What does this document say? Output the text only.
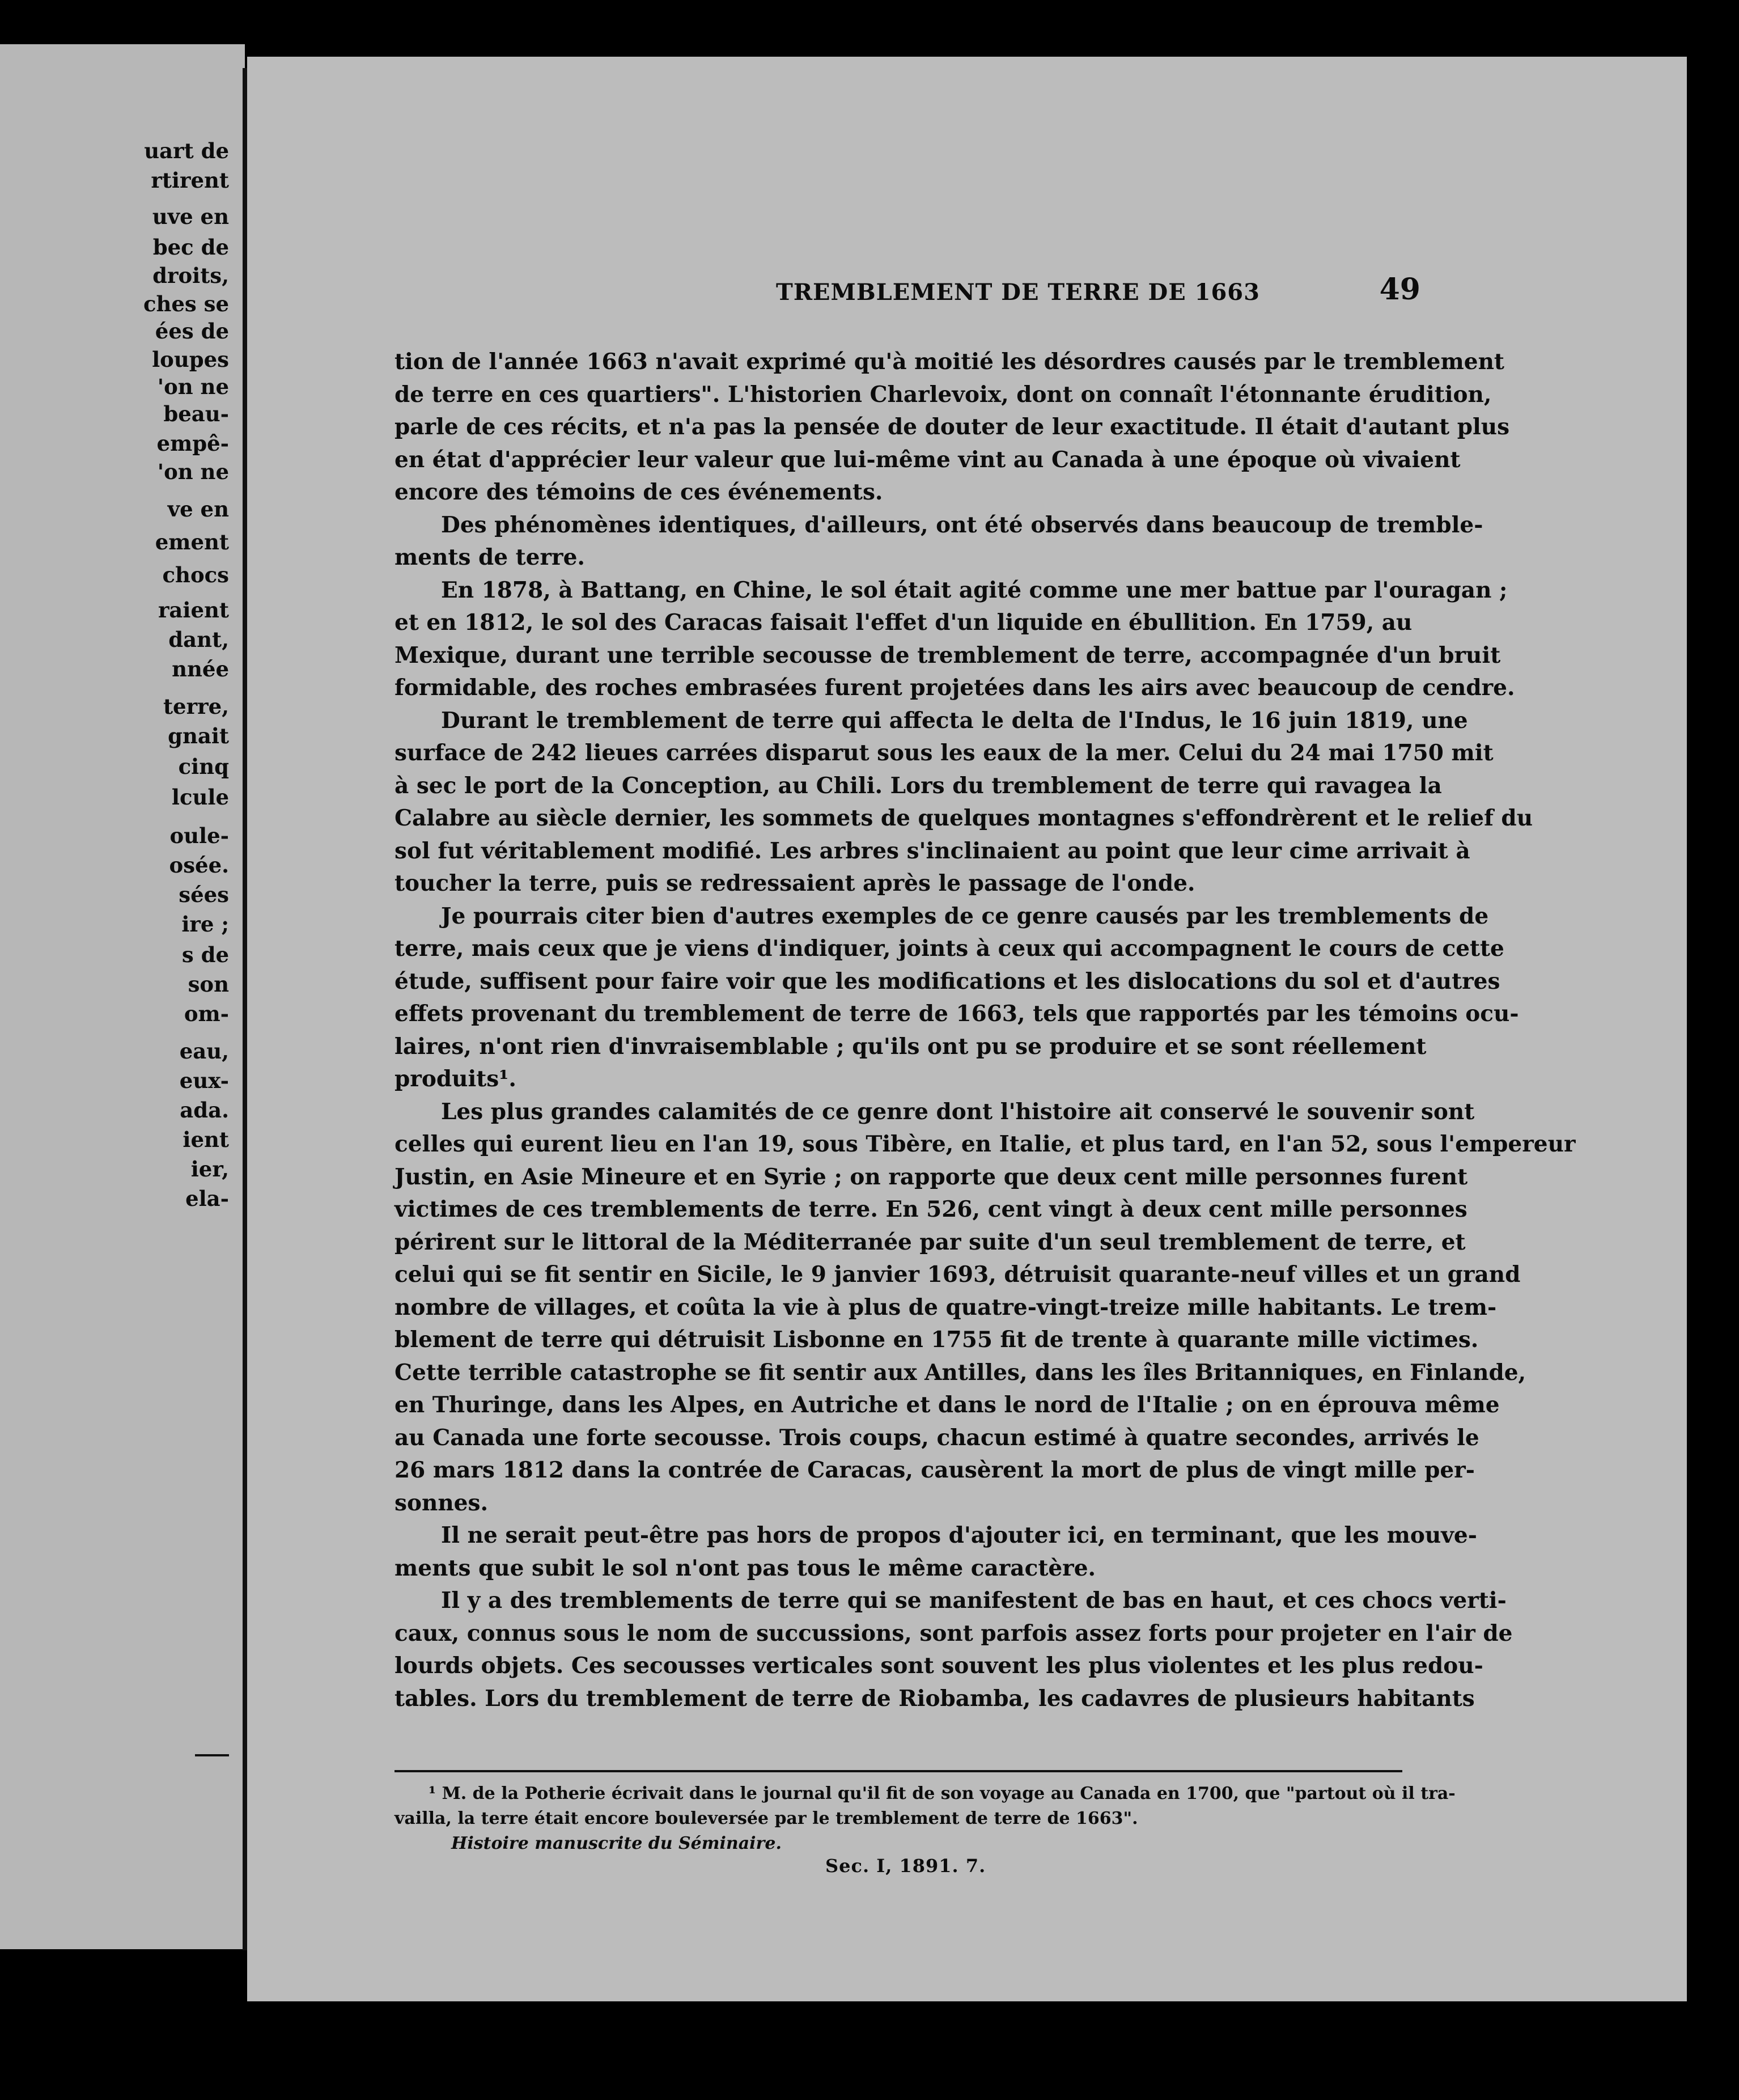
uart de
rtirent
uve en
bec de
droits,
ches se
ées de
loupes
'on ne
beau-
empê-
'on ne
ve en
ement
chocs
raient
dant,
nnée
terre,
gnait
cinq
lcule
oule-
osée.
sées
ire ;
s de
son
om-
eau,
eux-
ada.
ient
ier,
ela-
TREMBLEMENT DE TERRE DE 1663	49
tion de l'année 1663 n'avait exprimé qu'à moitié les désordres causés par le tremblement
de terre en ces quartiers". L'historien Charlevoix, dont on connaît l'étonnante érudition,
parle de ces récits, et n'a pas la pensée de douter de leur exactitude. Il était d'autant plus
en état d'apprécier leur valeur que lui-même vint au Canada à une époque où vivaient
encore des témoins de ces événements.
Des phénomènes identiques, d'ailleurs, ont été observés dans beaucoup de tremble-
ments de terre.
En 1878, à Battang, en Chine, le sol était agité comme une mer battue par l'ouragan ;
et en 1812, le sol des Caracas faisait l'effet d'un liquide en ébullition. En 1759, au
Mexique, durant une terrible secousse de tremblement de terre, accompagnée d'un bruit
formidable, des roches embrasées furent projetées dans les airs avec beaucoup de cendre.
Durant le tremblement de terre qui affecta le delta de l'Indus, le 16 juin 1819, une
surface de 242 lieues carrées disparut sous les eaux de la mer. Celui du 24 mai 1750 mit
à sec le port de la Conception, au Chili. Lors du tremblement de terre qui ravagea la
Calabre au siècle dernier, les sommets de quelques montagnes s'effondrèrent et le relief du
sol fut véritablement modifié. Les arbres s'inclinaient au point que leur cime arrivait à
toucher la terre, puis se redressaient après le passage de l'onde.
Je pourrais citer bien d'autres exemples de ce genre causés par les tremblements de
terre, mais ceux que je viens d'indiquer, joints à ceux qui accompagnent le cours de cette
étude, suffisent pour faire voir que les modifications et les dislocations du sol et d'autres
effets provenant du tremblement de terre de 1663, tels que rapportés par les témoins ocu-
laires, n'ont rien d'invraisemblable ; qu'ils ont pu se produire et se sont réellement
produits¹.
Les plus grandes calamités de ce genre dont l'histoire ait conservé le souvenir sont
celles qui eurent lieu en l'an 19, sous Tibère, en Italie, et plus tard, en l'an 52, sous l'empereur
Justin, en Asie Mineure et en Syrie ; on rapporte que deux cent mille personnes furent
victimes de ces tremblements de terre. En 526, cent vingt à deux cent mille personnes
périrent sur le littoral de la Méditerranée par suite d'un seul tremblement de terre, et
celui qui se fit sentir en Sicile, le 9 janvier 1693, détruisit quarante-neuf villes et un grand
nombre de villages, et coûta la vie à plus de quatre-vingt-treize mille habitants. Le trem-
blement de terre qui détruisit Lisbonne en 1755 fit de trente à quarante mille victimes.
Cette terrible catastrophe se fit sentir aux Antilles, dans les îles Britanniques, en Finlande,
en Thuringe, dans les Alpes, en Autriche et dans le nord de l'Italie ; on en éprouva même
au Canada une forte secousse. Trois coups, chacun estimé à quatre secondes, arrivés le
26 mars 1812 dans la contrée de Caracas, causèrent la mort de plus de vingt mille per-
sonnes.
Il ne serait peut-être pas hors de propos d'ajouter ici, en terminant, que les mouve-
ments que subit le sol n'ont pas tous le même caractère.
Il y a des tremblements de terre qui se manifestent de bas en haut, et ces chocs verti-
caux, connus sous le nom de succussions, sont parfois assez forts pour projeter en l'air de
lourds objets. Ces secousses verticales sont souvent les plus violentes et les plus redou-
tables. Lors du tremblement de terre de Riobamba, les cadavres de plusieurs habitants
¹ M. de la Potherie écrivait dans le journal qu'il fit de son voyage au Canada en 1700, que "partout où il tra-
vailla, la terre était encore bouleversée par le tremblement de terre de 1663".
Histoire manuscrite du Séminaire.
Sec. I, 1891. 7.
